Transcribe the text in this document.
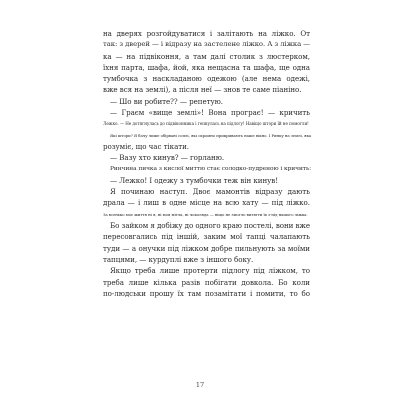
на дверях розгойдуватися і залітають на ліжко. От
так: з дверей — і відразу на застелене ліжко. А з ліжка —
ка — на підвіконня, а там далі столик з люстерком,
їхня парта, шафа, йой, яка нещасна та шафа, ще одна
тумбочка з наскладаною одежою (але нема одежі,
вже вся на землі), а після неї — знов те саме піаніно.
— Шо ви робите?? — репетую.
— Граєм «вище землі»! Вона програє! — кричить
Лежко. — Не дотягнулась до підвіконника і гепнулась на підлогу! Навіщо штори їй не помогли!
Які штори? Я бачу лише обірвані соплі, які скромно прикривають наше вікно. І Ринку на землі, яка
розуміє, що час тікати.
— Вазу хто кинув? — горланю.
Ринчина пичка з кислої миттю стає солодко-пудреною і кричить:
— Лежко! І одежу з тумбочки теж він кинув!
Я починаю наступ. Двоє мамонтів відразу дають
драла — і лиш в одне місце на всю хату — під ліжко.
За всенько моє життя ні я, ні моя мітла, ні чоколяда — ніщо не змогло витягти їх з-під нашого ліжка.
Бо зайком я добіжу до одного краю постелі, вони вже
пересовгались під іншій, заким мої тапці чалапають
туди — а онучки під ліжком добре пильнують за моїми
тапцями, — курдуплі вже з іншого боку.
Якщо треба лише протерти підлогу під ліжком, то
треба лише кілька разів побігати довкола. Бо коли
по-людськи прошу їх там позамітати і помити, то бо
17
